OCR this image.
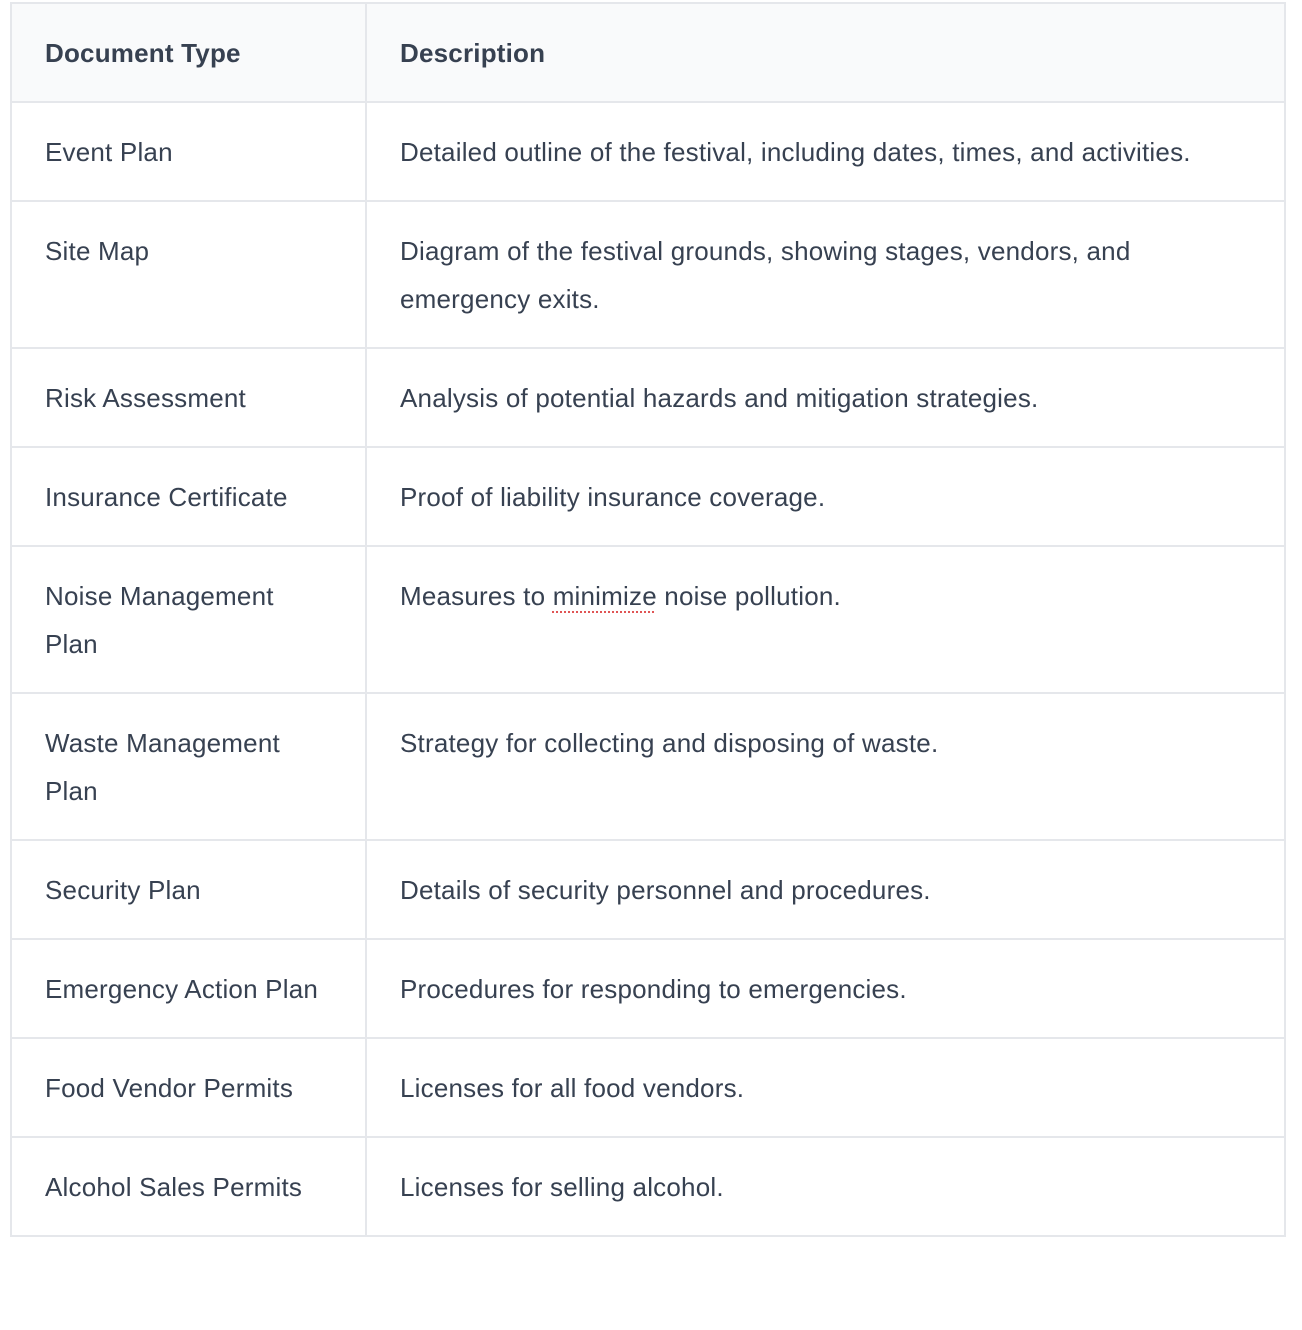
Document Type	Description
Event Plan	Detailed outline of the festival, including dates, times, and activities.
Site Map	Diagram of the festival grounds, showing stages, vendors, and emergency exits.
Risk Assessment	Analysis of potential hazards and mitigation strategies.
Insurance Certificate	Proof of liability insurance coverage.
Noise Management Plan	Measures to minimize noise pollution.
Waste Management Plan	Strategy for collecting and disposing of waste.
Security Plan	Details of security personnel and procedures.
Emergency Action Plan	Procedures for responding to emergencies.
Food Vendor Permits	Licenses for all food vendors.
Alcohol Sales Permits	Licenses for selling alcohol.
